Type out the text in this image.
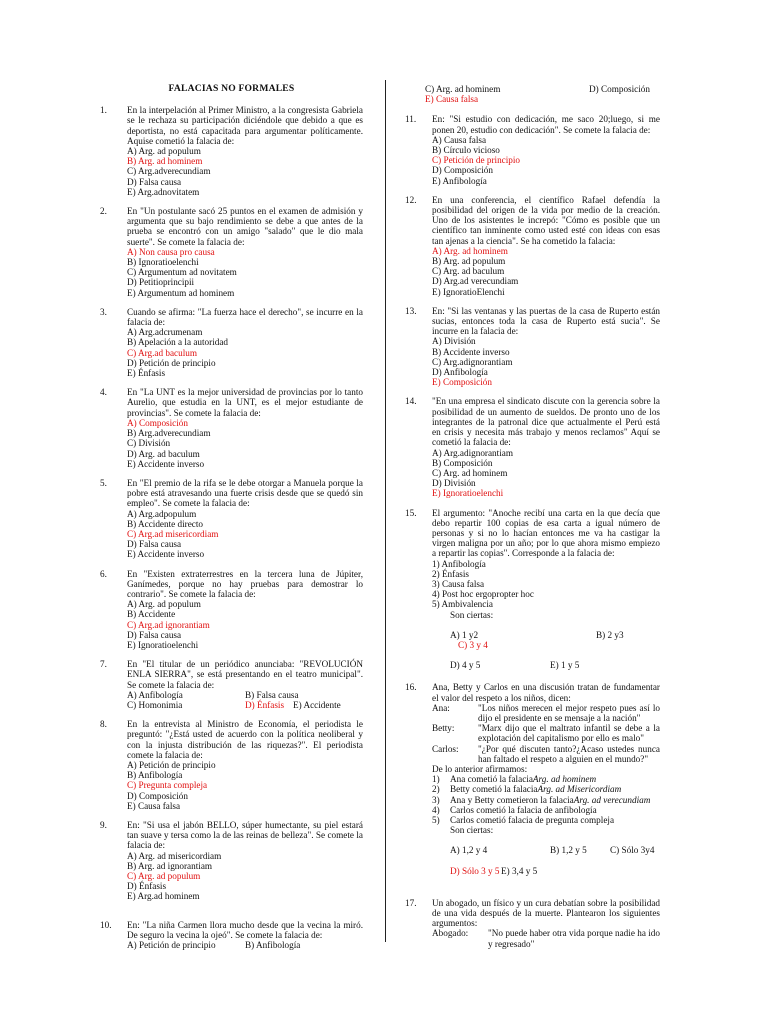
FALACIAS NO FORMALES
1. En la interpelación al Primer Ministro, a la congresista Gabriela se le rechaza su participación diciéndole que debido a que es deportista, no está capacitada para argumentar políticamente. Aquise cometió la falacia de:
A) Arg. ad populum
B) Arg. ad hominem
C) Arg.adverecundiam
D) Falsa causa
E) Arg.adnovitatem
2. En "Un postulante sacó 25 puntos en el examen de admisión y argumenta que su bajo rendimiento se debe a que antes de la prueba se encontró con un amigo "salado" que le dio mala suerte". Se comete la falacia de:
A) Non causa pro causa
B) Ignoratioelenchi
C) Argumentum ad novitatem
D) Petitioprincipii
E) Argumentum ad hominem
3. Cuando se afirma: "La fuerza hace el derecho", se incurre en la falacia de:
A) Arg.adcrumenam
B) Apelación a la autoridad
C) Arg.ad baculum
D) Petición de principio
E) Énfasis
4. En "La UNT es la mejor universidad de provincias por lo tanto Aurelio, que estudia en la UNT, es el mejor estudiante de provincias". Se comete la falacia de:
A) Composición
B) Arg.adverecundiam
C) División
D) Arg. ad baculum
E) Accidente inverso
5. En "El premio de la rifa se le debe otorgar a Manuela porque la pobre está atravesando una fuerte crisis desde que se quedó sin empleo". Se comete la falacia de:
A) Arg.adpopulum
B) Accidente directo
C) Arg.ad misericordiam
D) Falsa causa
E) Accidente inverso
6. En "Existen extraterrestres en la tercera luna de Júpiter, Ganímedes, porque no hay pruebas para demostrar lo contrario". Se comete la falacia de:
A) Arg. ad populum
B) Accidente
C) Arg.ad ignorantiam
D) Falsa causa
E) Ignoratioelenchi
7. En "El titular de un periódico anunciaba: "REVOLUCIÓN ENLA SIERRA", se está presentando en el teatro municipal". Se comete la falacia de:
A) Anfibología	B) Falsa causa
C) Homonimia	D) Énfasis E) Accidente
8. En la entrevista al Ministro de Economía, el periodista le preguntó: "¿Está usted de acuerdo con la política neoliberal y con la injusta distribución de las riquezas?". El periodista comete la falacia de:
A) Petición de principio
B) Anfibología
C) Pregunta compleja
D) Composición
E) Causa falsa
9. En: "Si usa el jabón BELLO, súper humectante, su piel estará tan suave y tersa como la de las reinas de belleza". Se comete la falacia de:
A) Arg. ad misericordiam
B) Arg. ad ignorantiam
C) Arg. ad populum
D) Énfasis
E) Arg.ad hominem
10. En: "La niña Carmen llora mucho desde que la vecina la miró. De seguro la vecina la ojeó". Se comete la falacia de:
A) Petición de principio	B) Anfibología
C) Arg. ad hominem	D) Composición
E) Causa falsa
11. En: "Si estudio con dedicación, me saco 20;luego, si me ponen 20, estudio con dedicación". Se comete la falacia de:
A) Causa falsa
B) Círculo vicioso
C) Petición de principio
D) Composición
E) Anfibología
12. En una conferencia, el científico Rafael defendía la posibilidad del origen de la vida por medio de la creación. Uno de los asistentes le increpó: "Cómo es posible que un científico tan inminente como usted esté con ideas con esas tan ajenas a la ciencia". Se ha cometido la falacia:
A) Arg. ad hominem
B) Arg. ad populum
C) Arg. ad baculum
D) Arg.ad verecundiam
E) IgnoratioElenchi
13. En: "Si las ventanas y las puertas de la casa de Ruperto están sucias, entonces toda la casa de Ruperto está sucia". Se incurre en la falacia de:
A) División
B) Accidente inverso
C) Arg.adignorantiam
D) Anfibología
E) Composición
14. "En una empresa el sindicato discute con la gerencia sobre la posibilidad de un aumento de sueldos. De pronto uno de los integrantes de la patronal dice que actualmente el Perú está en crisis y necesita más trabajo y menos reclamos" Aquí se cometió la falacia de:
A) Arg.adignorantiam
B) Composición
C) Arg. ad hominem
D) División
E) Ignoratioelenchi
15. El argumento: "Anoche recibí una carta en la que decía que debo repartir 100 copias de esa carta a igual número de personas y si no lo hacían entonces me va ha castigar la virgen maligna por un año; por lo que ahora mismo empiezo a repartir las copias". Corresponde a la falacia de:
1) Anfibología
2) Énfasis
3) Causa falsa
4) Post hoc ergopropter hoc
5) Ambivalencia
Son ciertas:
A) 1 y2	B) 2 y3
C) 3 y 4
D) 4 y 5	E) 1 y 5
16. Ana, Betty y Carlos en una discusión tratan de fundamentar el valor del respeto a los niños, dicen:
Ana:	"Los niños merecen el mejor respeto pues así lo dijo el presidente en se mensaje a la nación"
Betty:	"Marx dijo que el maltrato infantil se debe a la explotación del capitalismo por ello es malo"
Carlos:	"¿Por qué discuten tanto?¿Acaso ustedes nunca han faltado el respeto a alguien en el mundo?"
De lo anterior afirmamos:
1)	Ana cometió la falacia Arg. ad hominem
2)	Betty cometió la falacia Arg. ad Misericordiam
3)	Ana y Betty cometieron la falacia Arg. ad verecundiam
4)	Carlos cometió la falacia de anfibología
5)	Carlos cometió falacia de pregunta compleja
Son ciertas:
A) 1,2 y 4	B) 1,2 y 5	C) Sólo 3y4
D) Sólo 3 y 5 E) 3,4 y 5
17. Un abogado, un físico y un cura debatían sobre la posibilidad de una vida después de la muerte. Plantearon los siguientes argumentos:
Abogado:	"No puede haber otra vida porque nadie ha ido y regresado"
